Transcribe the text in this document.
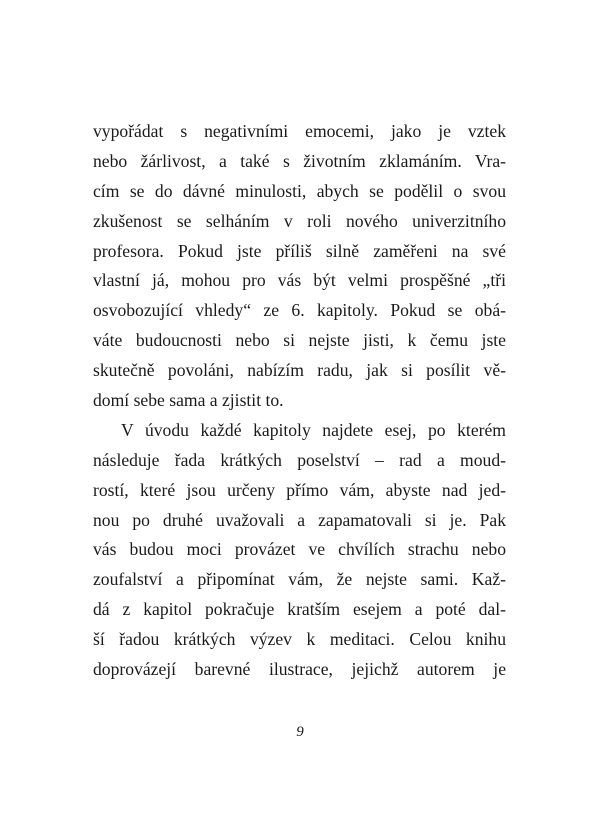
vypořádat s negativními emocemi, jako je vztek
nebo žárlivost, a také s životním zklamáním. Vra-
cím se do dávné minulosti, abych se podělil o svou
zkušenost se selháním v roli nového univerzitního
profesora. Pokud jste příliš silně zaměřeni na své
vlastní já, mohou pro vás být velmi prospěšné „tři
osvobozující vhledy“ ze 6. kapitoly. Pokud se obá-
váte budoucnosti nebo si nejste jisti, k čemu jste
skutečně povoláni, nabízím radu, jak si posílit vě-
domí sebe sama a zjistit to.

V úvodu každé kapitoly najdete esej, po kterém
následuje řada krátkých poselství – rad a moud-
rostí, které jsou určeny přímo vám, abyste nad jed-
nou po druhé uvažovali a zapamatovali si je. Pak
vás budou moci provázet ve chvílích strachu nebo
zoufalství a připomínat vám, že nejste sami. Kaž-
dá z kapitol pokračuje kratším esejem a poté dal-
ší řadou krátkých výzev k meditaci. Celou knihu
doprovázejí barevné ilustrace, jejichž autorem je

9
